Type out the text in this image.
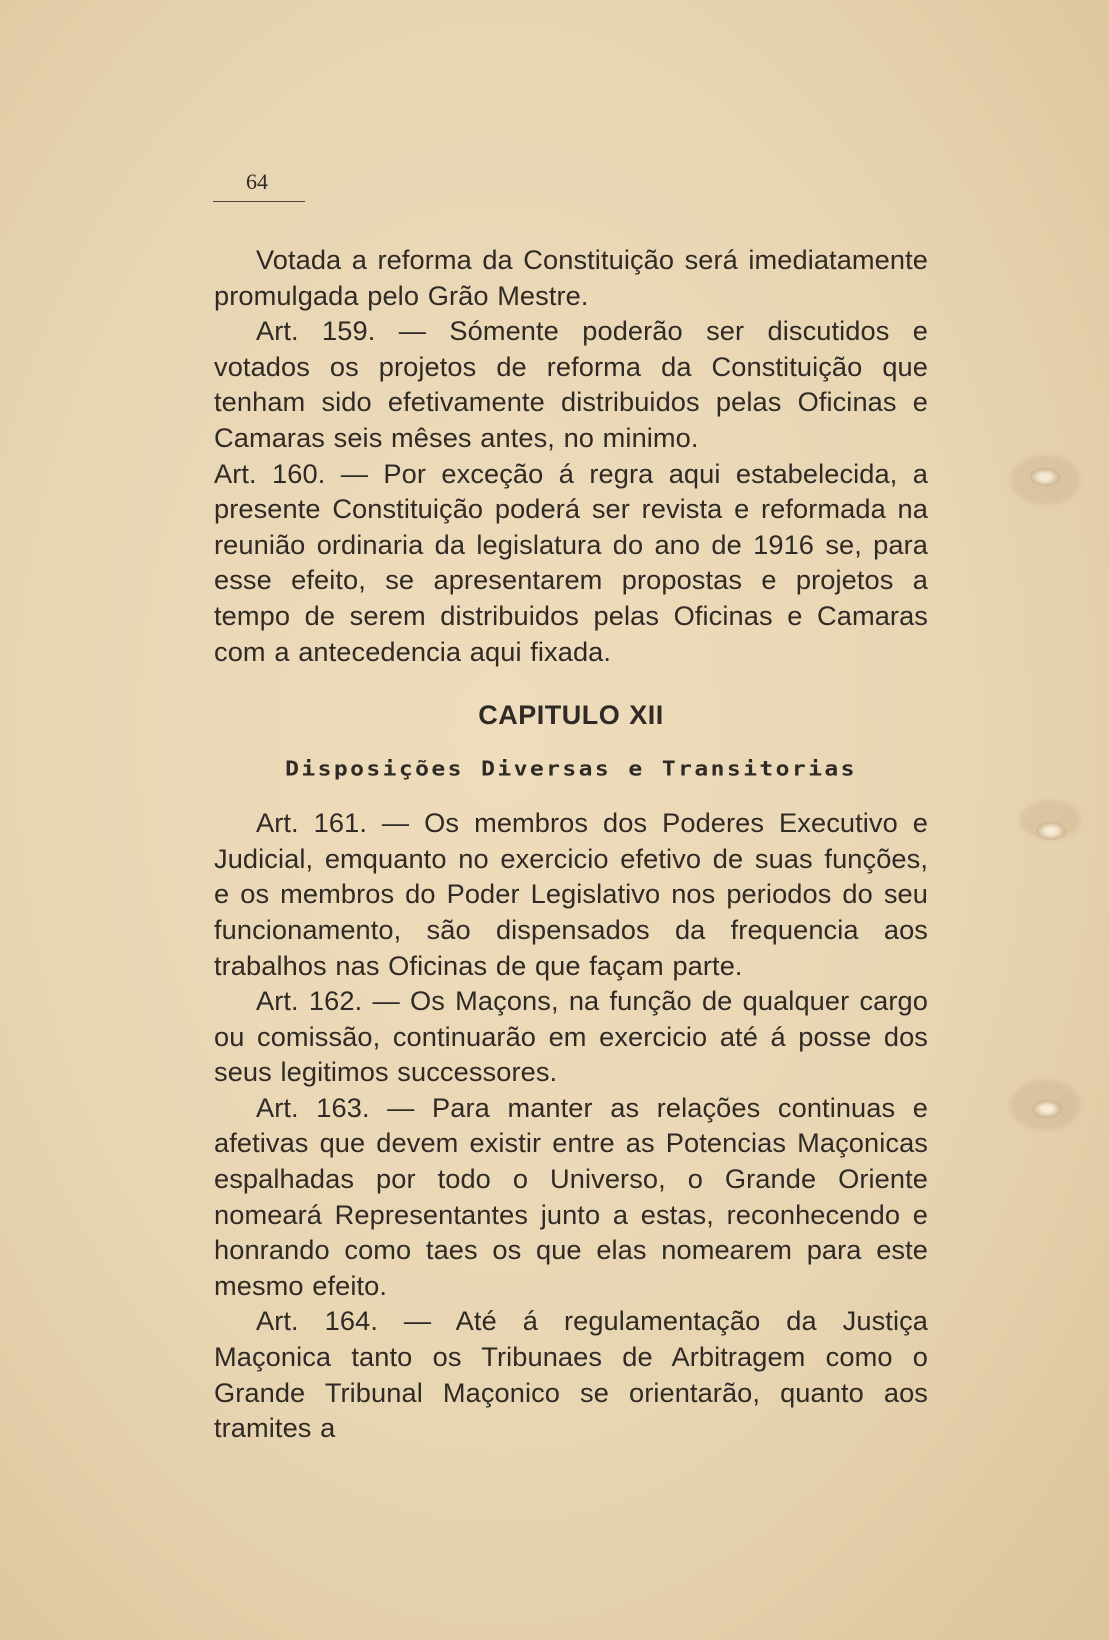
64

Votada a reforma da Constituição será imediatamente promulgada pelo Grão Mestre.

Art. 159. — Sómente poderão ser discutidos e votados os projetos de reforma da Constituição que tenham sido efetivamente distribuidos pelas Oficinas e Camaras seis mêses antes, no minimo.

Art. 160. — Por exceção á regra aqui estabelecida, a presente Constituição poderá ser revista e reformada na reunião ordinaria da legislatura do ano de 1916 se, para esse efeito, se apresentarem propostas e projetos a tempo de serem distribuidos pelas Oficinas e Camaras com a antecedencia aqui fixada.

CAPITULO XII
Disposições Diversas e Transitorias

Art. 161. — Os membros dos Poderes Executivo e Judicial, emquanto no exercicio efetivo de suas funções, e os membros do Poder Legislativo nos periodos do seu funcionamento, são dispensados da frequencia aos trabalhos nas Oficinas de que façam parte.

Art. 162. — Os Maçons, na função de qualquer cargo ou comissão, continuarão em exercicio até á posse dos seus legitimos successores.

Art. 163. — Para manter as relações continuas e afetivas que devem existir entre as Potencias Maçonicas espalhadas por todo o Universo, o Grande Oriente nomeará Representantes junto a estas, reconhecendo e honrando como taes os que elas nomearem para este mesmo efeito.

Art. 164. — Até á regulamentação da Justiça Maçonica tanto os Tribunaes de Arbitragem como o Grande Tribunal Maçonico se orientarão, quanto aos tramites a
